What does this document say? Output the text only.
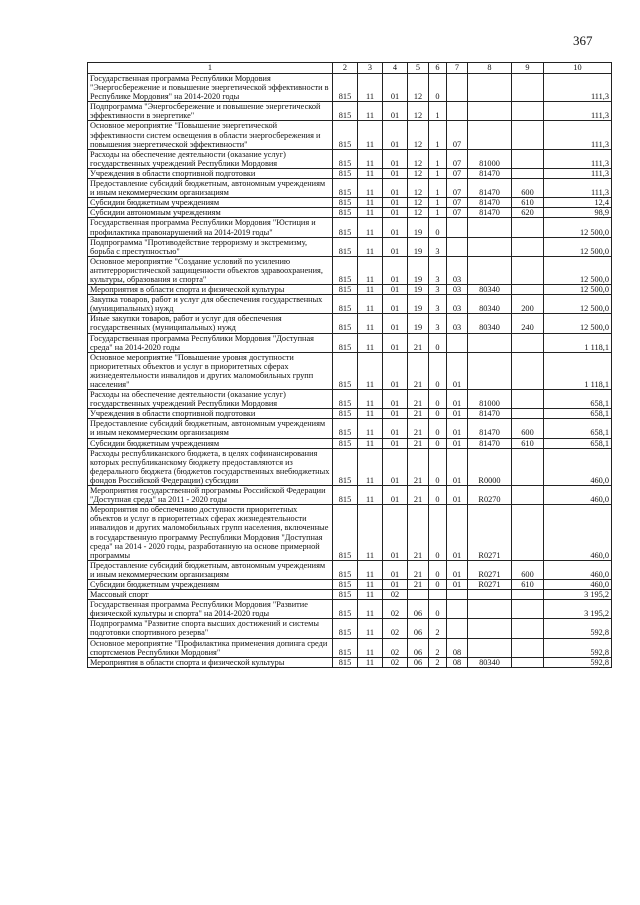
367
1	2	3	4	5	6	7	8	9	10
Государственная программа Республики Мордовия "Энергосбережение и повышение энергетической эффективности в Республике Мордовия" на 2014-2020 годы	815	11	01	12	0				111,3
Подпрограмма "Энергосбережение и повышение энергетической эффективности в энергетике"	815	11	01	12	1				111,3
Основное мероприятие "Повышение энергетической эффективности систем освещения в области энергосбережения и повышения энергетической эффективности"	815	11	01	12	1	07			111,3
Расходы на обеспечение деятельности (оказание услуг) государственных учреждений Республики Мордовия	815	11	01	12	1	07	81000		111,3
Учреждения в области спортивной подготовки	815	11	01	12	1	07	81470		111,3
Предоставление субсидий бюджетным, автономным учреждениям и иным некоммерческим организациям	815	11	01	12	1	07	81470	600	111,3
Субсидии бюджетным учреждениям	815	11	01	12	1	07	81470	610	12,4
Субсидии автономным учреждениям	815	11	01	12	1	07	81470	620	98,9
Государственная программа Республики Мордовия "Юстиция и профилактика правонарушений на 2014-2019 годы"	815	11	01	19	0				12 500,0
Подпрограмма "Противодействие терроризму и экстремизму, борьба с преступностью"	815	11	01	19	3				12 500,0
Основное мероприятие "Создание условий по усилению антитеррористической защищенности объектов здравоохранения, культуры, образования и спорта"	815	11	01	19	3	03			12 500,0
Мероприятия в области спорта и физической культуры	815	11	01	19	3	03	80340		12 500,0
Закупка товаров, работ и услуг для обеспечения государственных (муниципальных) нужд	815	11	01	19	3	03	80340	200	12 500,0
Иные закупки товаров, работ и услуг для обеспечения государственных (муниципальных) нужд	815	11	01	19	3	03	80340	240	12 500,0
Государственная программа Республики Мордовия "Доступная среда" на 2014-2020 годы	815	11	01	21	0				1 118,1
Основное мероприятие "Повышение уровня доступности приоритетных объектов и услуг в приоритетных сферах жизнедеятельности инвалидов и других маломобильных групп населения"	815	11	01	21	0	01			1 118,1
Расходы на обеспечение деятельности (оказание услуг) государственных учреждений Республики Мордовия	815	11	01	21	0	01	81000		658,1
Учреждения в области спортивной подготовки	815	11	01	21	0	01	81470		658,1
Предоставление субсидий бюджетным, автономным учреждениям и иным некоммерческим организациям	815	11	01	21	0	01	81470	600	658,1
Субсидии бюджетным учреждениям	815	11	01	21	0	01	81470	610	658,1
Расходы республиканского бюджета, в целях софинансирования которых республиканскому бюджету предоставляются из федерального бюджета (бюджетов государственных внебюджетных фондов Российской Федерации) субсидии	815	11	01	21	0	01	R0000		460,0
Мероприятия государственной программы Российской Федерации "Доступная среда" на 2011 - 2020 годы	815	11	01	21	0	01	R0270		460,0
Мероприятия по обеспечению доступности приоритетных объектов и услуг в приоритетных сферах жизнедеятельности инвалидов и других маломобильных групп населения, включенные в государственную программу Республики Мордовия "Доступная среда" на 2014 - 2020 годы, разработанную на основе примерной программы	815	11	01	21	0	01	R0271		460,0
Предоставление субсидий бюджетным, автономным учреждениям и иным некоммерческим организациям	815	11	01	21	0	01	R0271	600	460,0
Субсидии бюджетным учреждениям	815	11	01	21	0	01	R0271	610	460,0
Массовый спорт	815	11	02						3 195,2
Государственная программа Республики Мордовия "Развитие физической культуры и спорта" на 2014-2020 годы	815	11	02	06	0				3 195,2
Подпрограмма "Развитие спорта высших достижений и системы подготовки спортивного резерва"	815	11	02	06	2				592,8
Основное мероприятие "Профилактика применения допинга среди спортсменов Республики Мордовия"	815	11	02	06	2	08			592,8
Мероприятия в области спорта и физической культуры	815	11	02	06	2	08	80340		592,8
